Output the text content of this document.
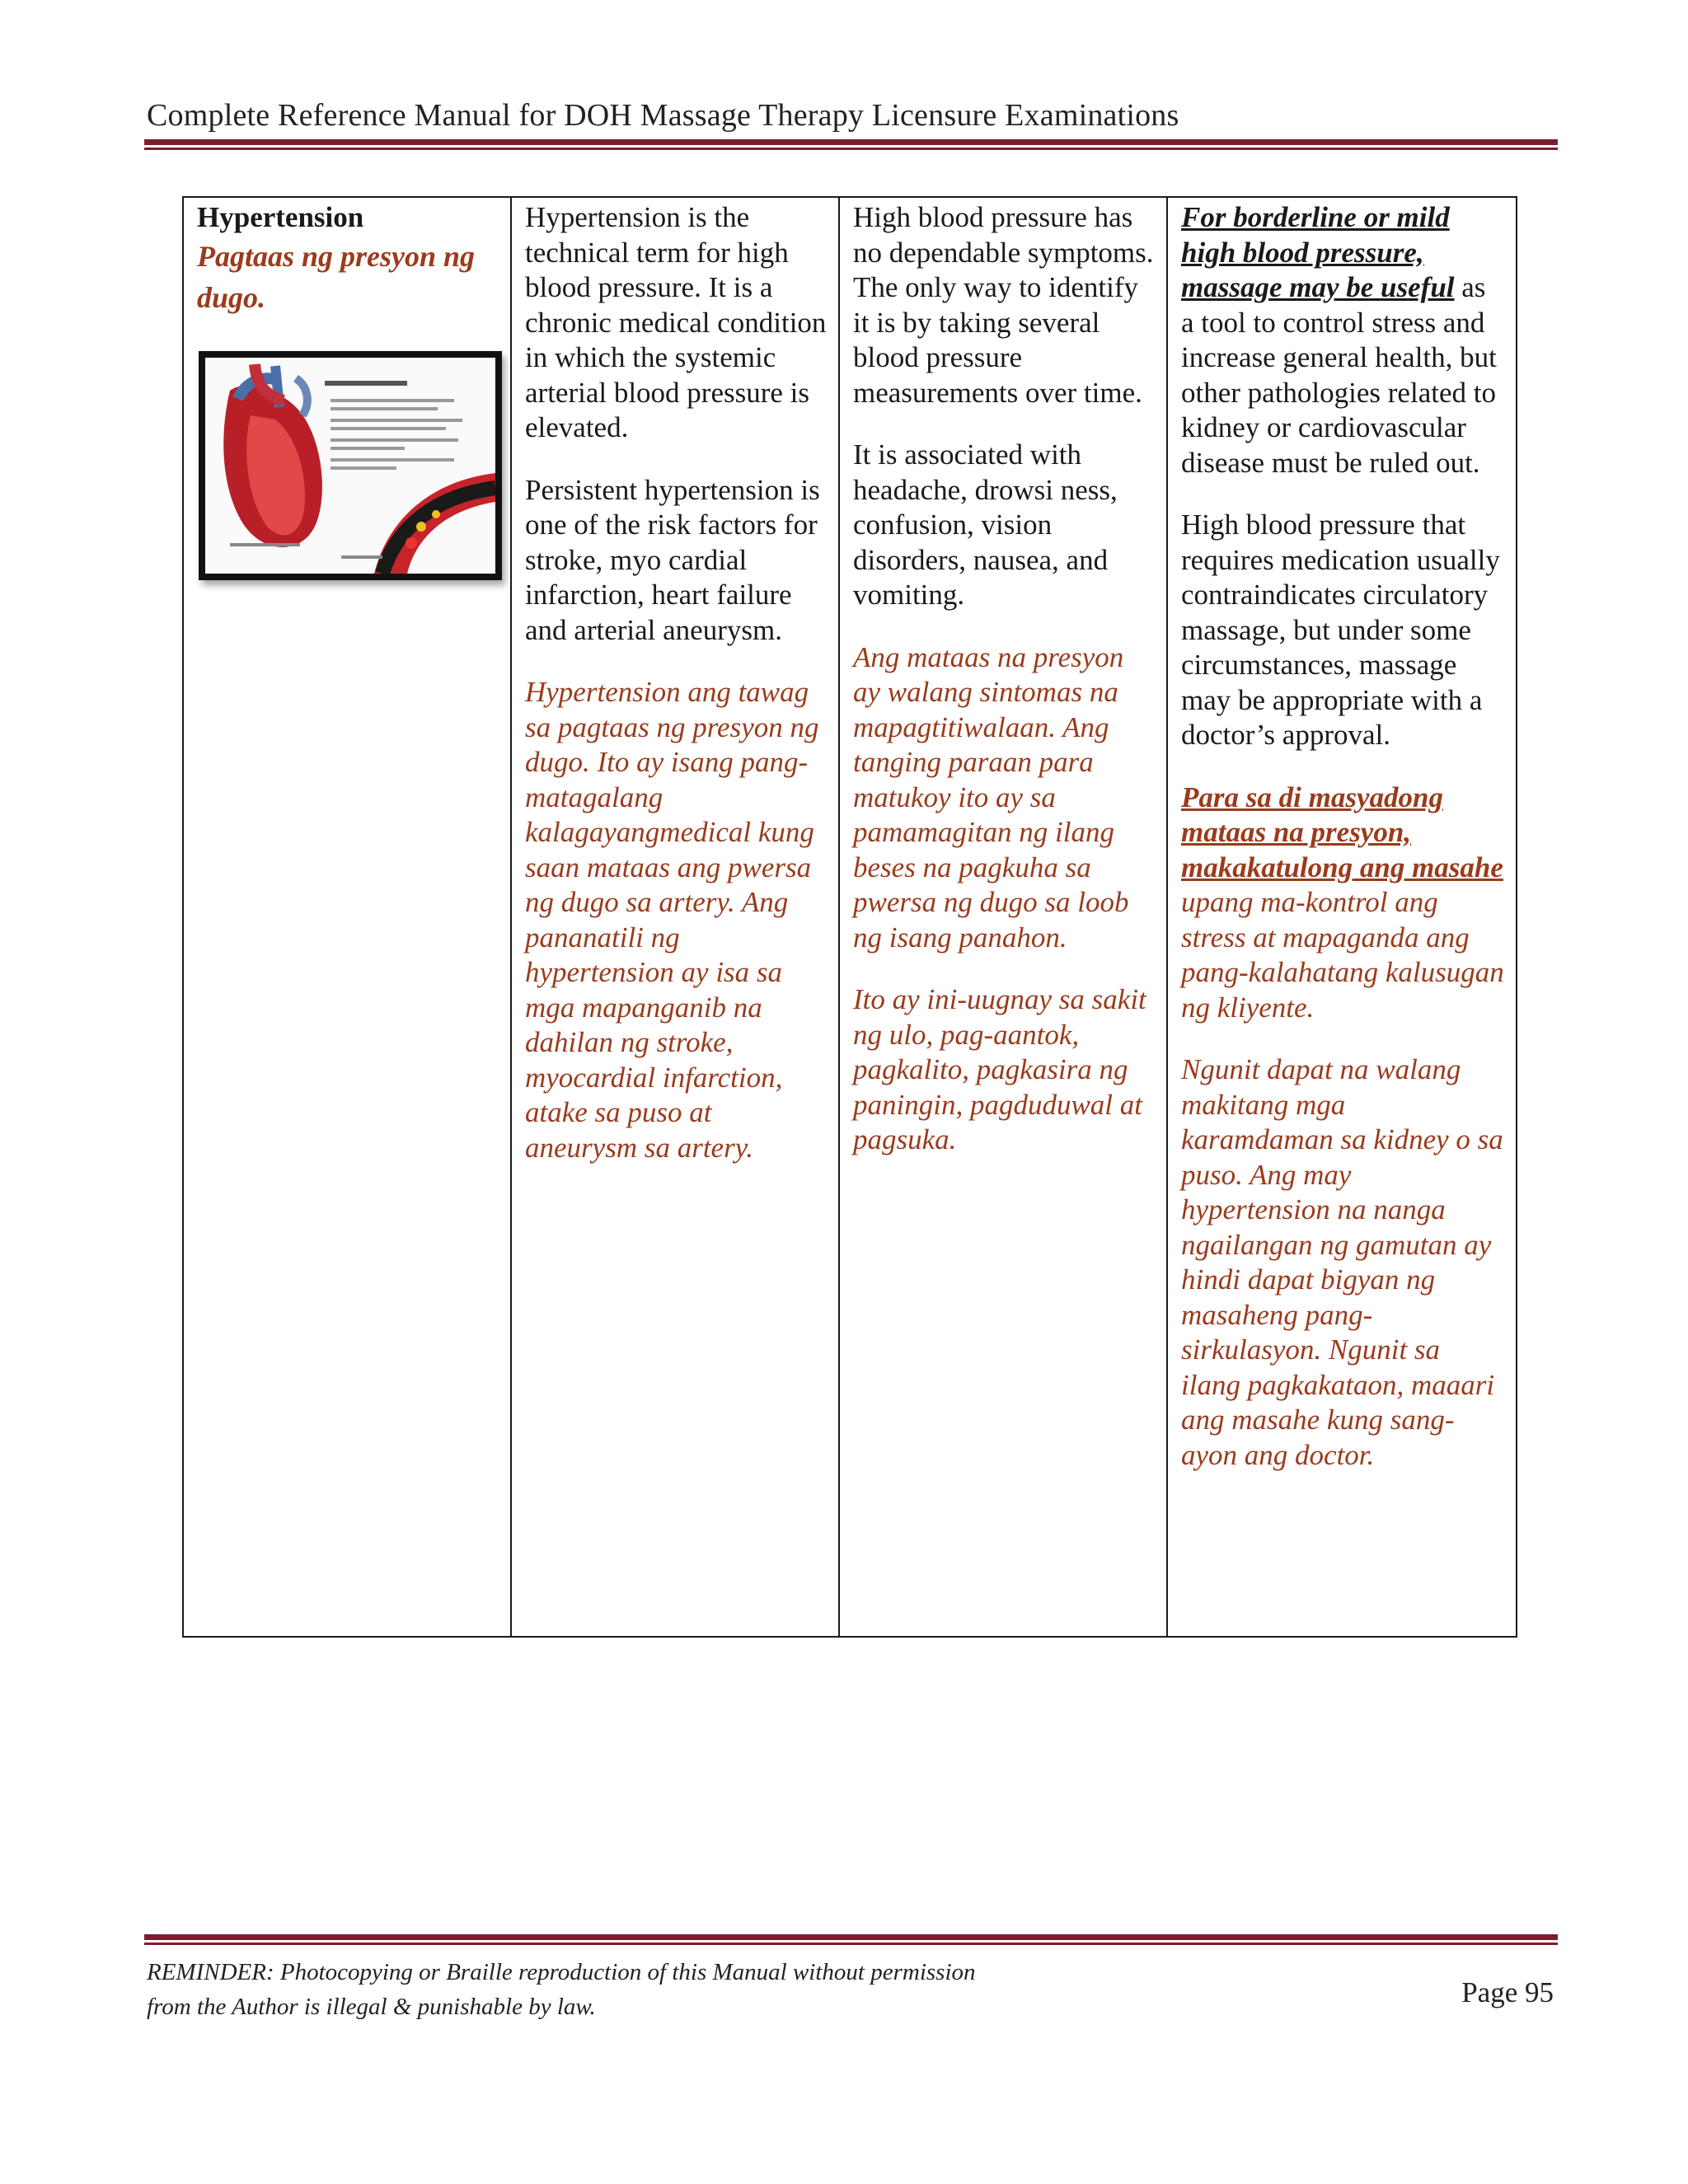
Complete Reference Manual for DOH Massage Therapy Licensure Examinations
Hypertension
Pagtaas ng presyon ng dugo.

Hypertension is the technical term for high blood pressure. It is a chronic medical condition in which the systemic arterial blood pressure is elevated.

Persistent hypertension is one of the risk factors for stroke, myo cardial infarction, heart failure and arterial aneurysm.

Hypertension ang tawag sa pagtaas ng presyon ng dugo. Ito ay isang pang-matagalang kalagayangmedical kung saan mataas ang pwersa ng dugo sa artery. Ang pananatili ng hypertension ay isa sa mga mapanganib na dahilan ng stroke, myocardial infarction, atake sa puso at aneurysm sa artery.

High blood pressure has no dependable symptoms. The only way to identify it is by taking several blood pressure measurements over time.

It is associated with headache, drowsi ness, confusion, vision disorders, nausea, and vomiting.

Ang mataas na presyon ay walang sintomas na mapagtitiwalaan. Ang tanging paraan para matukoy ito ay sa pamamagitan ng ilang beses na pagkuha sa pwersa ng dugo sa loob ng isang panahon.

Ito ay ini-uugnay sa sakit ng ulo, pag-aantok, pagkalito, pagkasira ng paningin, pagduduwal at pagsuka.

For borderline or mild high blood pressure, massage may be useful as a tool to control stress and increase general health, but other pathologies related to kidney or cardiovascular disease must be ruled out.

High blood pressure that requires medication usually contraindicates circulatory massage, but under some circumstances, massage may be appropriate with a doctor’s approval.

Para sa di masyadong mataas na presyon, makakatulong ang masahe upang ma-kontrol ang stress at mapaganda ang pang-kalahatang kalusugan ng kliyente.

Ngunit dapat na walang makitang mga karamdaman sa kidney o sa puso. Ang may hypertension na nanga ngailangan ng gamutan ay hindi dapat bigyan ng masaheng pang-sirkulasyon. Ngunit sa ilang pagkakataon, maaari ang masahe kung sang-ayon ang doctor.

REMINDER: Photocopying or Braille reproduction of this Manual without permission
from the Author is illegal & punishable by law.	Page 95
